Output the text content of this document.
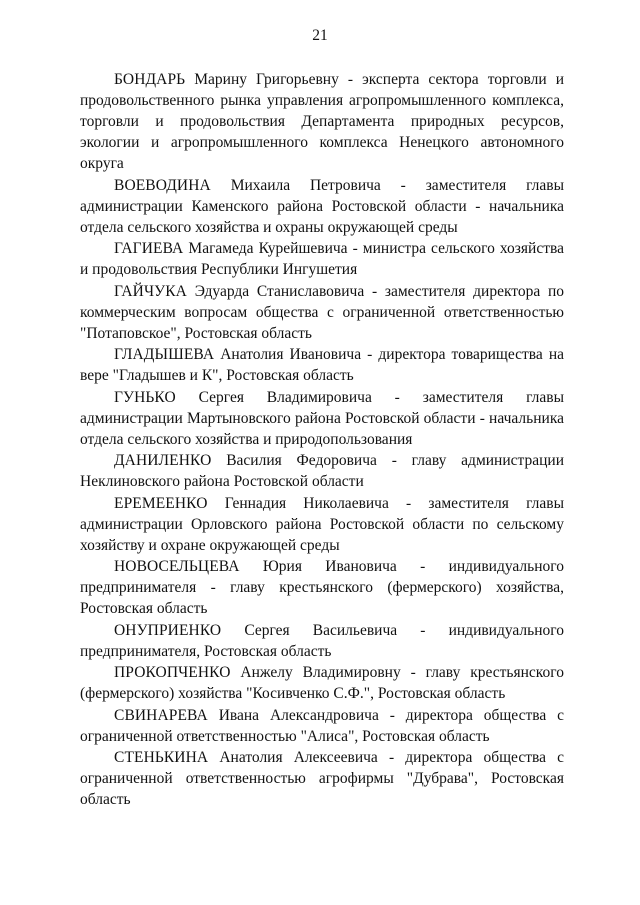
21

БОНДАРЬ Марину Григорьевну - эксперта сектора торговли и продовольственного рынка управления агропромышленного комплекса, торговли и продовольствия Департамента природных ресурсов, экологии и агропромышленного комплекса Ненецкого автономного округа

ВОЕВОДИНА Михаила Петровича - заместителя главы администрации Каменского района Ростовской области - начальника отдела сельского хозяйства и охраны окружающей среды

ГАГИЕВА Магамеда Курейшевича - министра сельского хозяйства и продовольствия Республики Ингушетия

ГАЙЧУКА Эдуарда Станиславовича - заместителя директора по коммерческим вопросам общества с ограниченной ответственностью "Потаповское", Ростовская область

ГЛАДЫШЕВА Анатолия Ивановича - директора товарищества на вере "Гладышев и К", Ростовская область

ГУНЬКО Сергея Владимировича - заместителя главы администрации Мартыновского района Ростовской области - начальника отдела сельского хозяйства и природопользования

ДАНИЛЕНКО Василия Федоровича - главу администрации Неклиновского района Ростовской области

ЕРЕМЕЕНКО Геннадия Николаевича - заместителя главы администрации Орловского района Ростовской области по сельскому хозяйству и охране окружающей среды

НОВОСЕЛЬЦЕВА Юрия Ивановича - индивидуального предпринимателя - главу крестьянского (фермерского) хозяйства, Ростовская область

ОНУПРИЕНКО Сергея Васильевича - индивидуального предпринимателя, Ростовская область

ПРОКОПЧЕНКО Анжелу Владимировну - главу крестьянского (фермерского) хозяйства "Косивченко С.Ф.", Ростовская область

СВИНАРЕВА Ивана Александровича - директора общества с ограниченной ответственностью "Алиса", Ростовская область

СТЕНЬКИНА Анатолия Алексеевича - директора общества с ограниченной ответственностью агрофирмы "Дубрава", Ростовская область
